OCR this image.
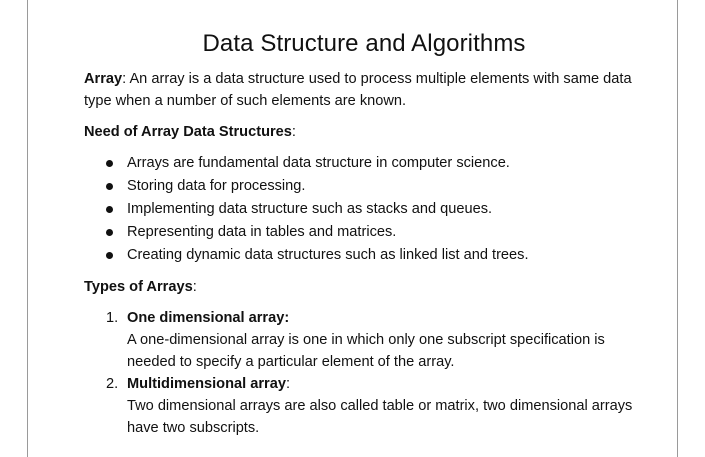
Data Structure and Algorithms

Array: An array is a data structure used to process multiple elements with same data type when a number of such elements are known.

Need of Array Data Structures:

Arrays are fundamental data structure in computer science.
Storing data for processing.
Implementing data structure such as stacks and queues.
Representing data in tables and matrices.
Creating dynamic data structures such as linked list and trees.

Types of Arrays:

1. One dimensional array:
A one-dimensional array is one in which only one subscript specification is needed to specify a particular element of the array.
2. Multidimensional array:
Two dimensional arrays are also called table or matrix, two dimensional arrays have two subscripts.
